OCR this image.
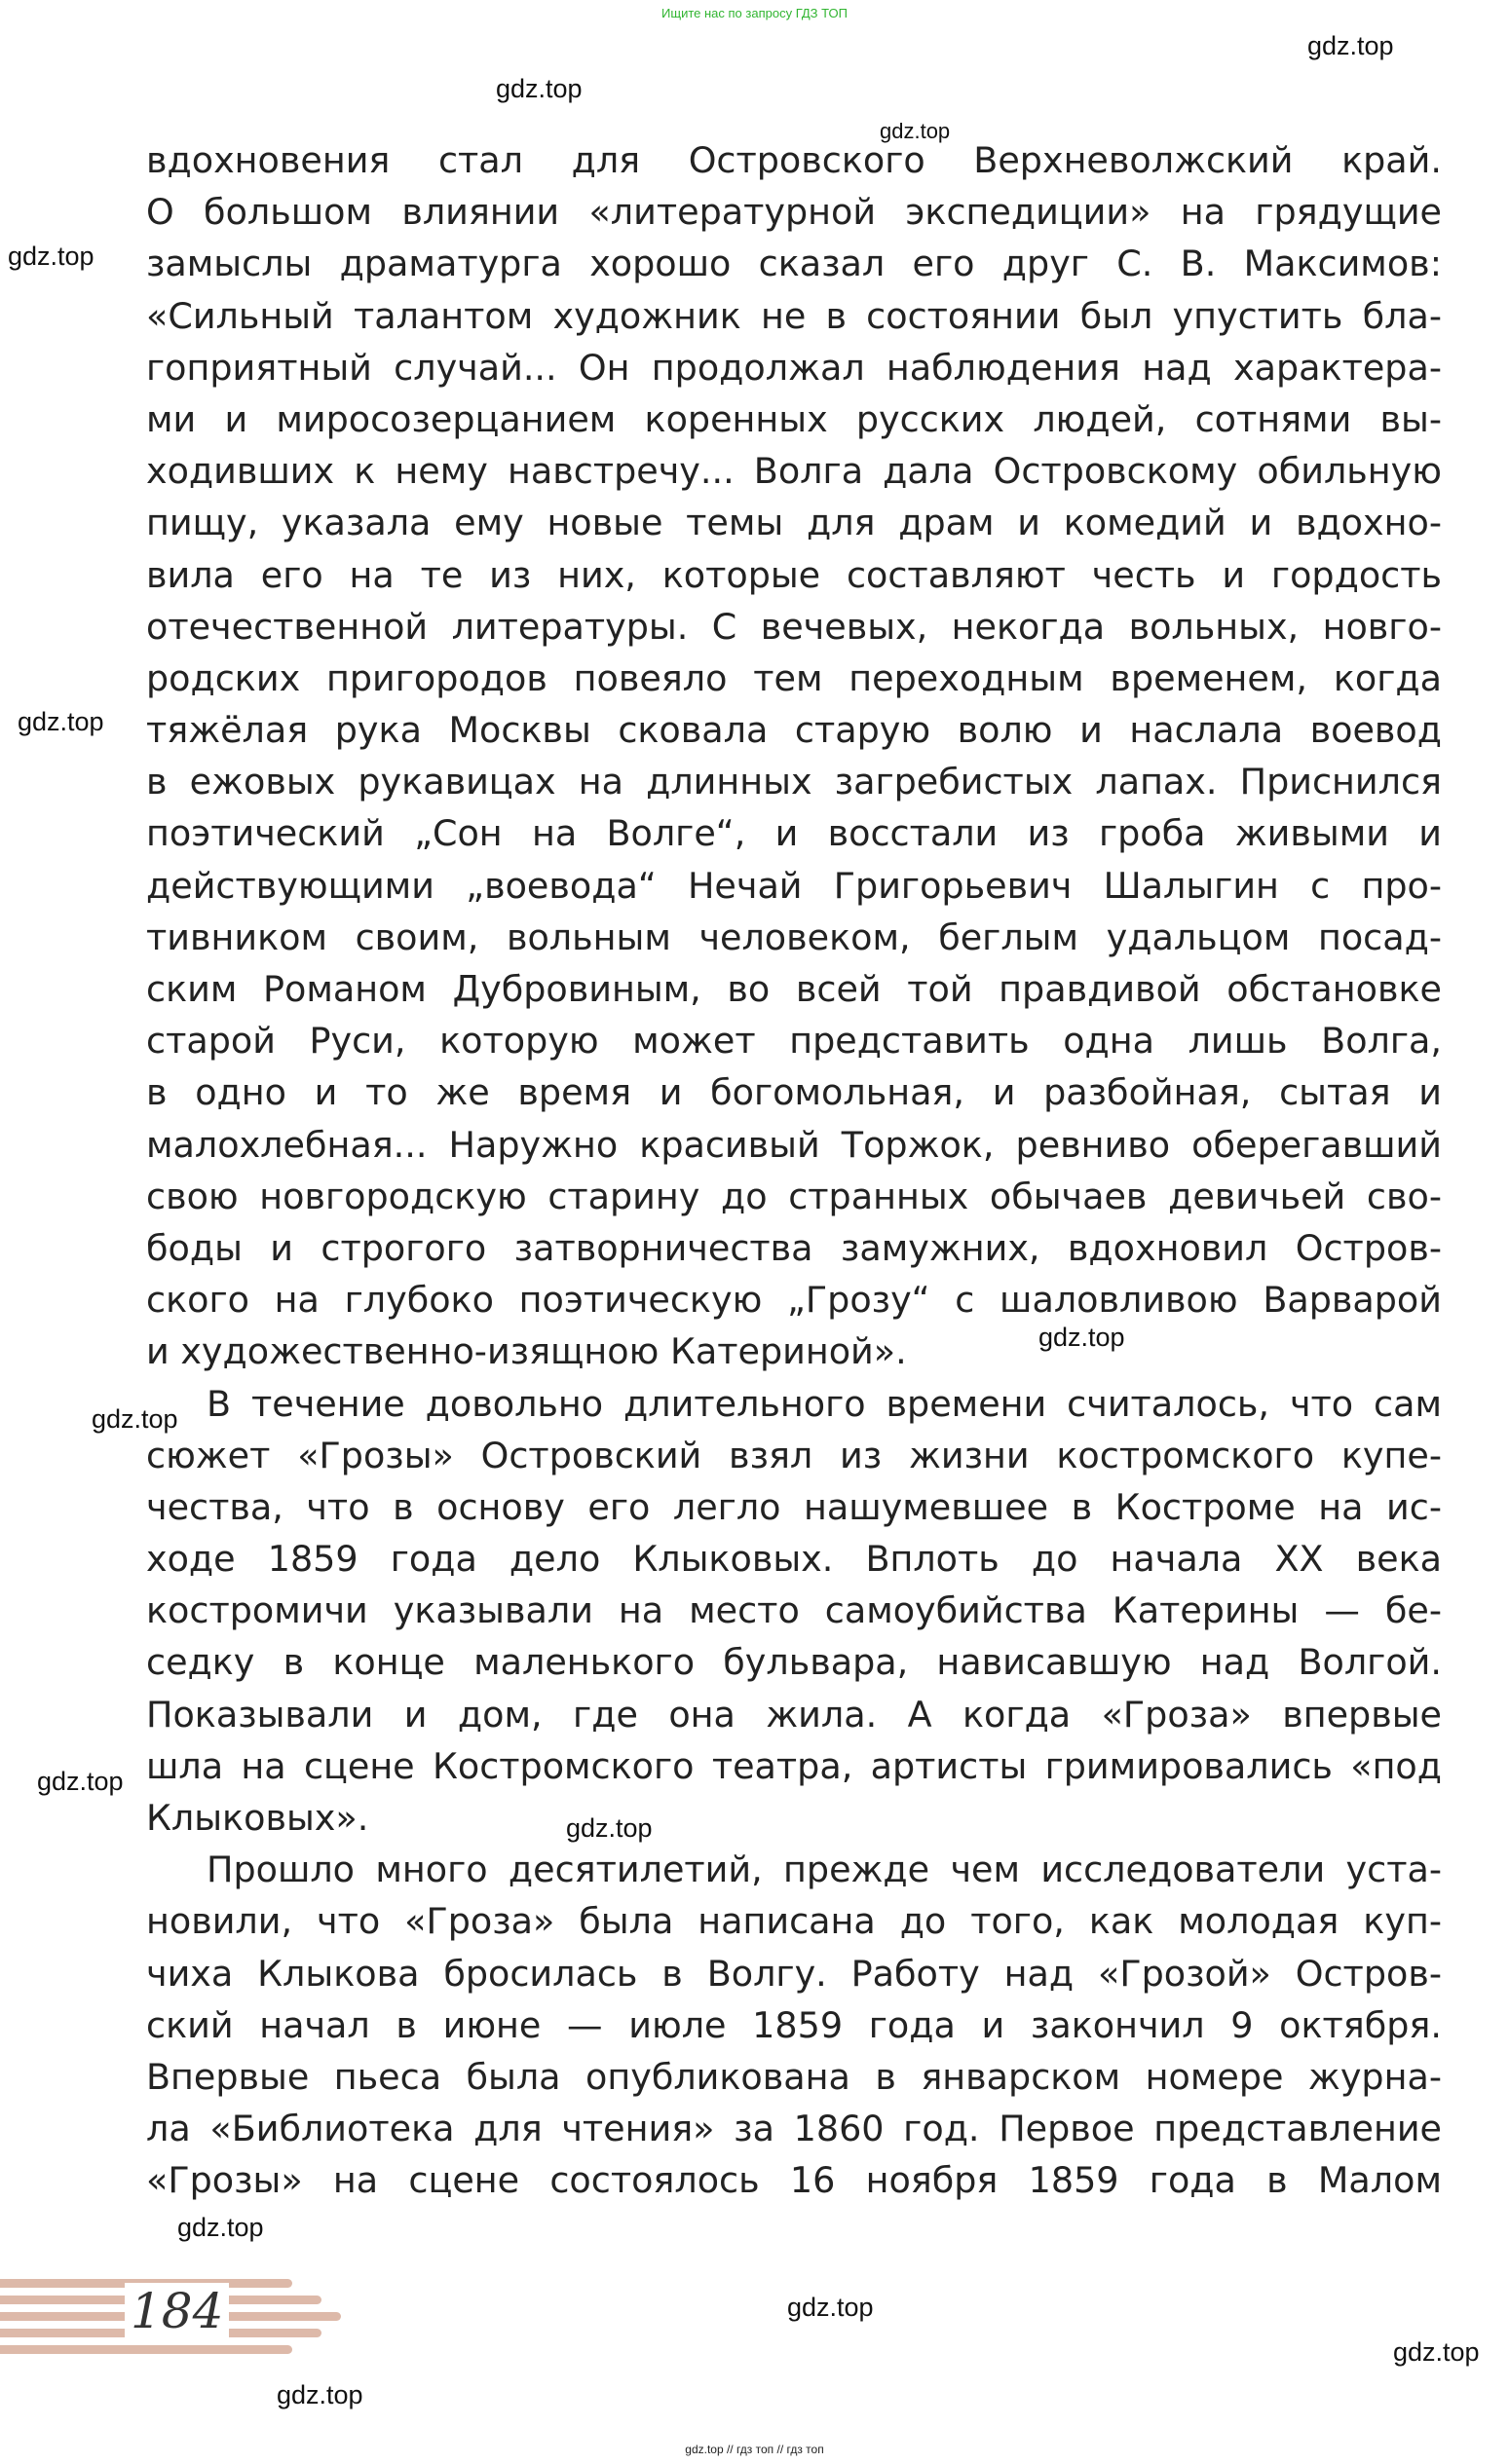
Ищите нас по запросу ГДЗ ТОП
gdz.top
gdz.top
gdz.top
gdz.top
gdz.top
gdz.top
gdz.top
gdz.top
gdz.top
gdz.top
gdz.top
gdz.top
gdz.top
вдохновения стал для Островского Верхневолжский край.
О большом влиянии «литературной экспедиции» на грядущие
замыслы драматурга хорошо сказал его друг С. В. Максимов:
«Сильный талантом художник не в состоянии был упустить бла-
гоприятный случай... Он продолжал наблюдения над характера-
ми и миросозерцанием коренных русских людей, сотнями вы-
ходивших к нему навстречу... Волга дала Островскому обильную
пищу, указала ему новые темы для драм и комедий и вдохно-
вила его на те из них, которые составляют честь и гордость
отечественной литературы. С вечевых, некогда вольных, новго-
родских пригородов повеяло тем переходным временем, когда
тяжёлая рука Москвы сковала старую волю и наслала воевод
в ежовых рукавицах на длинных загребистых лапах. Приснился
поэтический „Сон на Волге“, и восстали из гроба живыми и
действующими „воевода“ Нечай Григорьевич Шалыгин с про-
тивником своим, вольным человеком, беглым удальцом посад-
ским Романом Дубровиным, во всей той правдивой обстановке
старой Руси, которую может представить одна лишь Волга,
в одно и то же время и богомольная, и разбойная, сытая и
малохлебная... Наружно красивый Торжок, ревниво оберегавший
свою новгородскую старину до странных обычаев девичьей сво-
боды и строгого затворничества замужних, вдохновил Остров-
ского на глубоко поэтическую „Грозу“ с шаловливою Варварой
и художественно-изящною Катериной».
В течение довольно длительного времени считалось, что сам
сюжет «Грозы» Островский взял из жизни костромского купе-
чества, что в основу его легло нашумевшее в Костроме на ис-
ходе 1859 года дело Клыковых. Вплоть до начала XX века
костромичи указывали на место самоубийства Катерины — бе-
седку в конце маленького бульвара, нависавшую над Волгой.
Показывали и дом, где она жила. А когда «Гроза» впервые
шла на сцене Костромского театра, артисты гримировались «под
Клыковых».
Прошло много десятилетий, прежде чем исследователи уста-
новили, что «Гроза» была написана до того, как молодая куп-
чиха Клыкова бросилась в Волгу. Работу над «Грозой» Остров-
ский начал в июне — июле 1859 года и закончил 9 октября.
Впервые пьеса была опубликована в январском номере журна-
ла «Библиотека для чтения» за 1860 год. Первое представление
«Грозы» на сцене состоялось 16 ноября 1859 года в Малом
184
gdz.top // гдз топ // гдз топ
